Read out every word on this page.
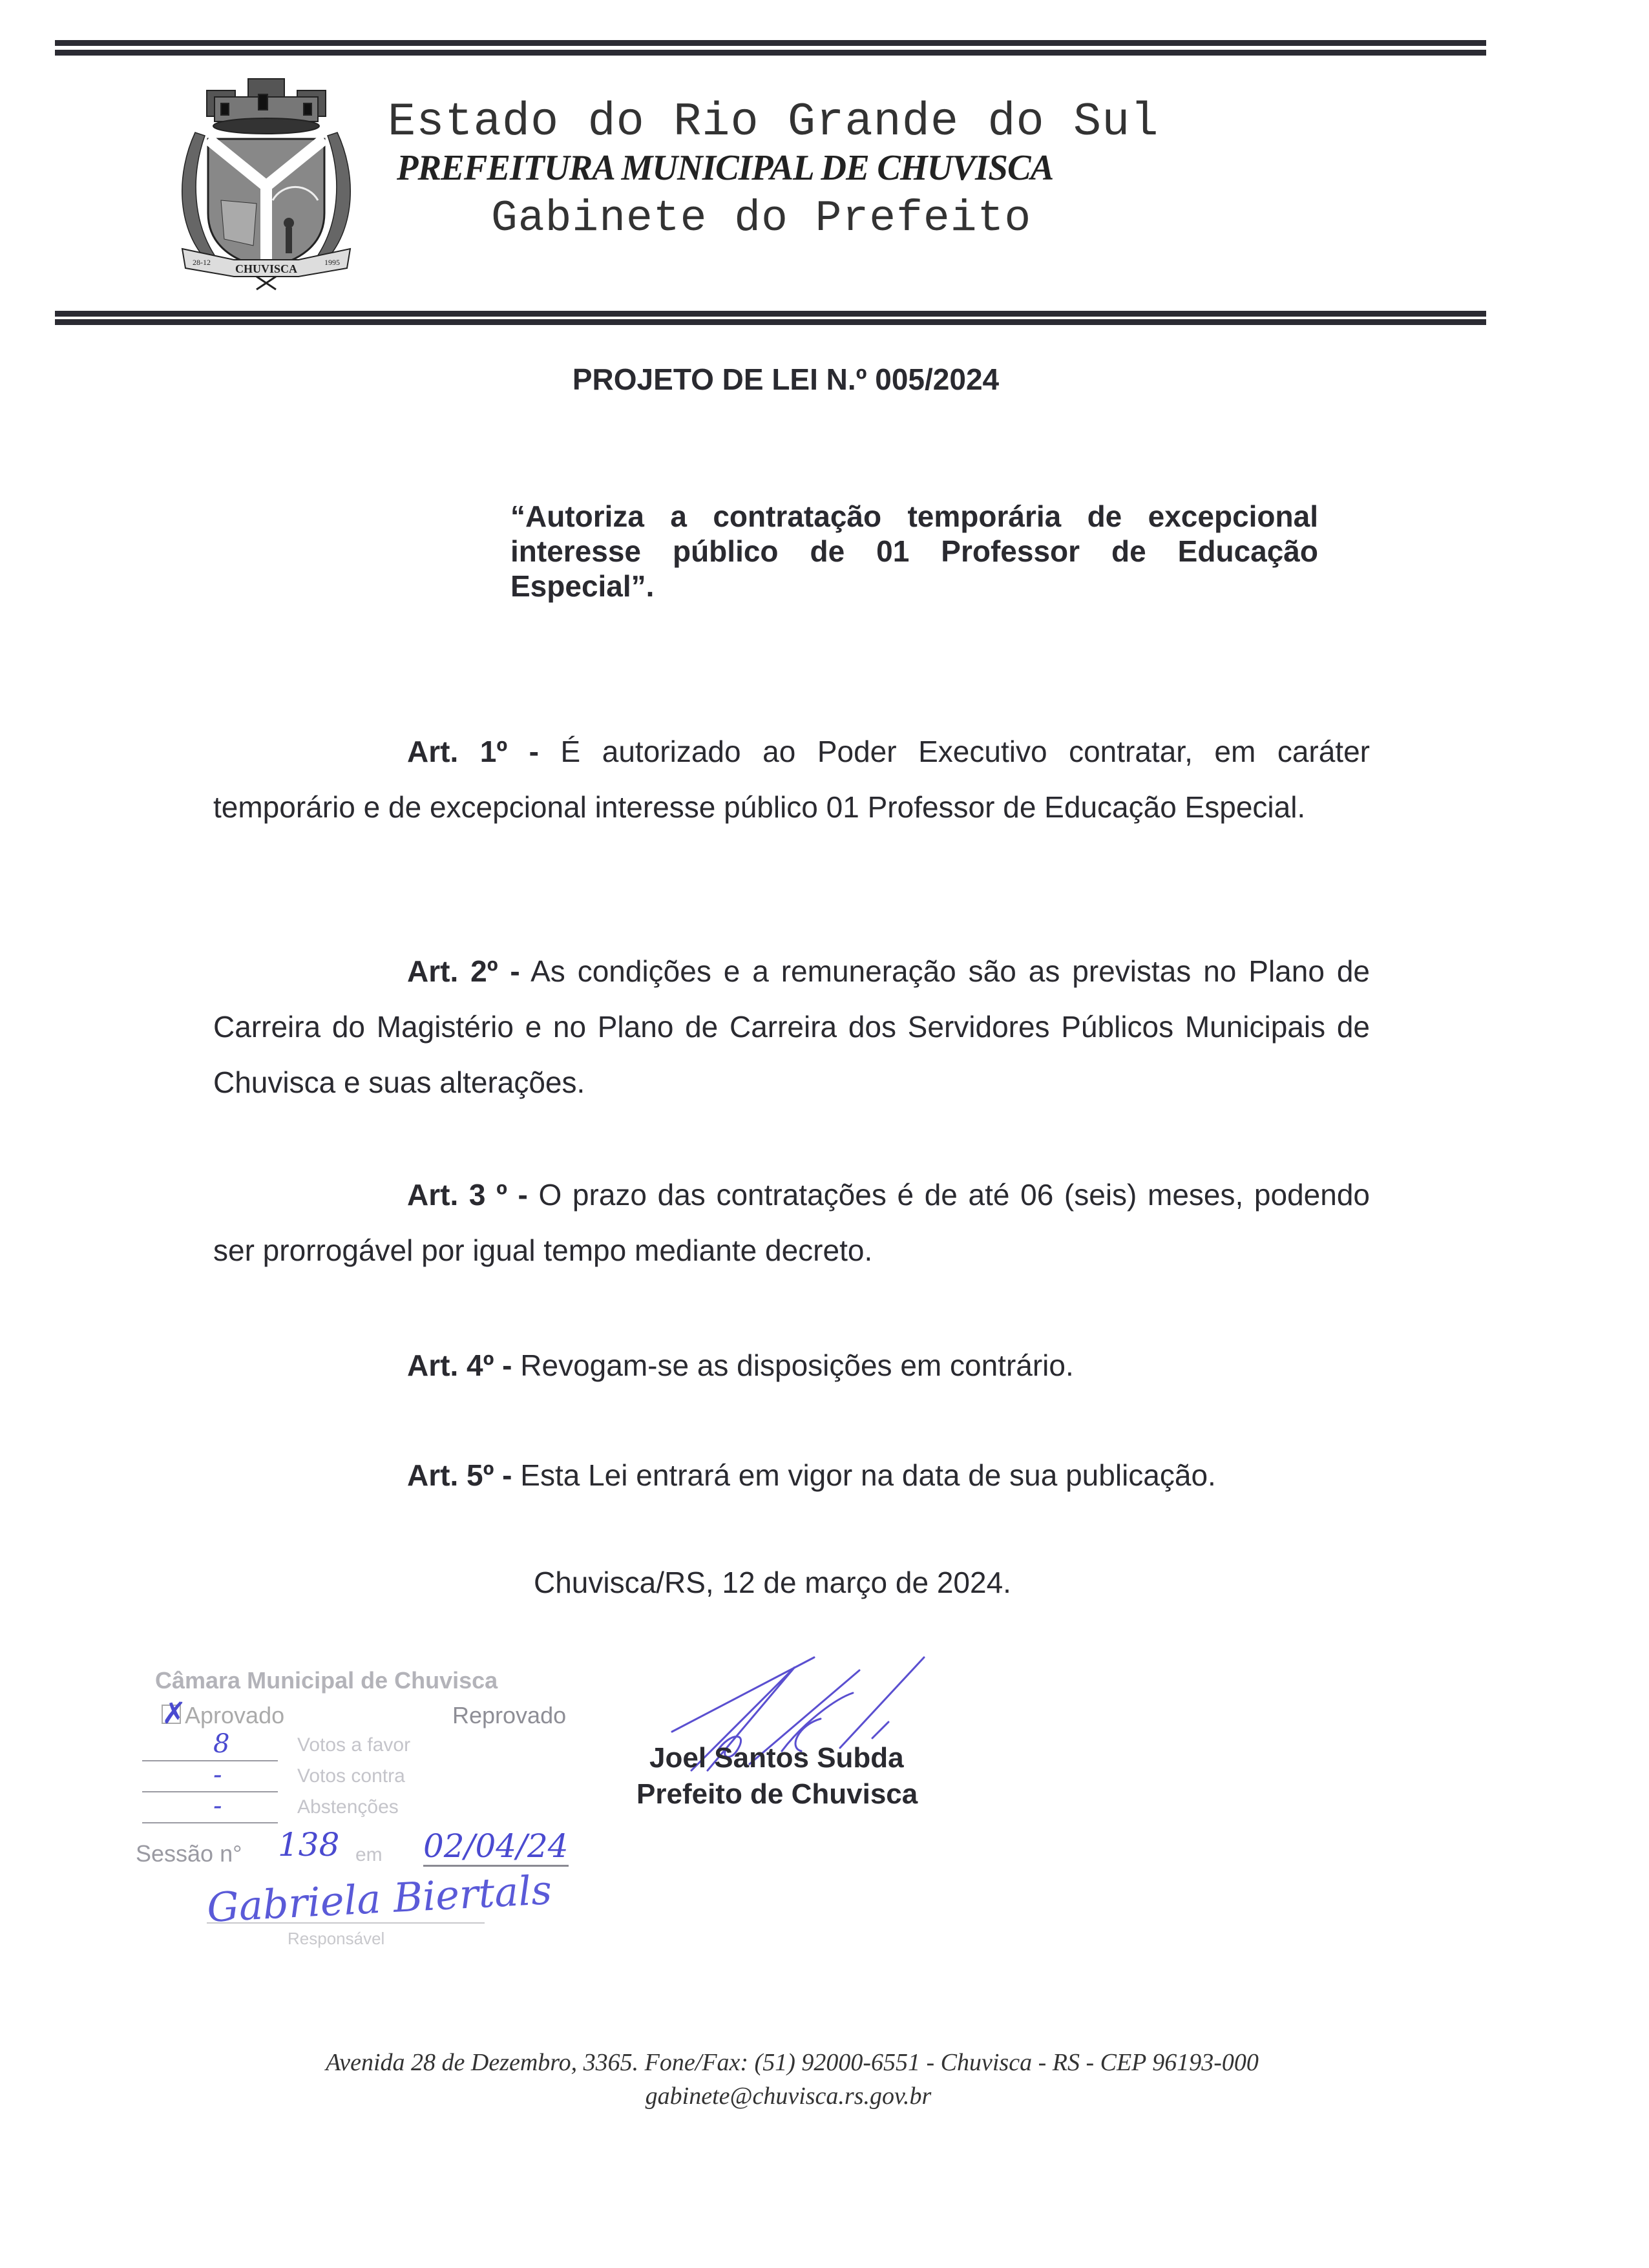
CHUVISCA
28-12	1995
Estado do Rio Grande do Sul
PREFEITURA MUNICIPAL DE CHUVISCA
Gabinete do Prefeito
PROJETO DE LEI N.º 005/2024
“Autoriza a contratação temporária de excepcional interesse público de 01 Professor de Educação Especial”.
Art. 1º - É autorizado ao Poder Executivo contratar, em caráter temporário e de excepcional interesse público 01 Professor de Educação Especial.
Art. 2º - As condições e a remuneração são as previstas no Plano de Carreira do Magistério e no Plano de Carreira dos Servidores Públicos Municipais de Chuvisca e suas alterações.
Art. 3 º - O prazo das contratações é de até 06 (seis) meses, podendo ser prorrogável por igual tempo mediante decreto.
Art. 4º - Revogam-se as disposições em contrário.
Art. 5º - Esta Lei entrará em vigor na data de sua publicação.
Chuvisca/RS, 12 de março de 2024.
Câmara Municipal de Chuvisca
✗
Aprovado	Reprovado
8	Votos a favor
-	Votos contra
-	Abstenções
Sessão n° 138 em 02/04/24
Gabriela Biertals
Responsável
Joel Santos Subda
Prefeito de Chuvisca
Avenida 28 de Dezembro, 3365. Fone/Fax: (51) 92000-6551 - Chuvisca - RS - CEP 96193-000
gabinete@chuvisca.rs.gov.br
